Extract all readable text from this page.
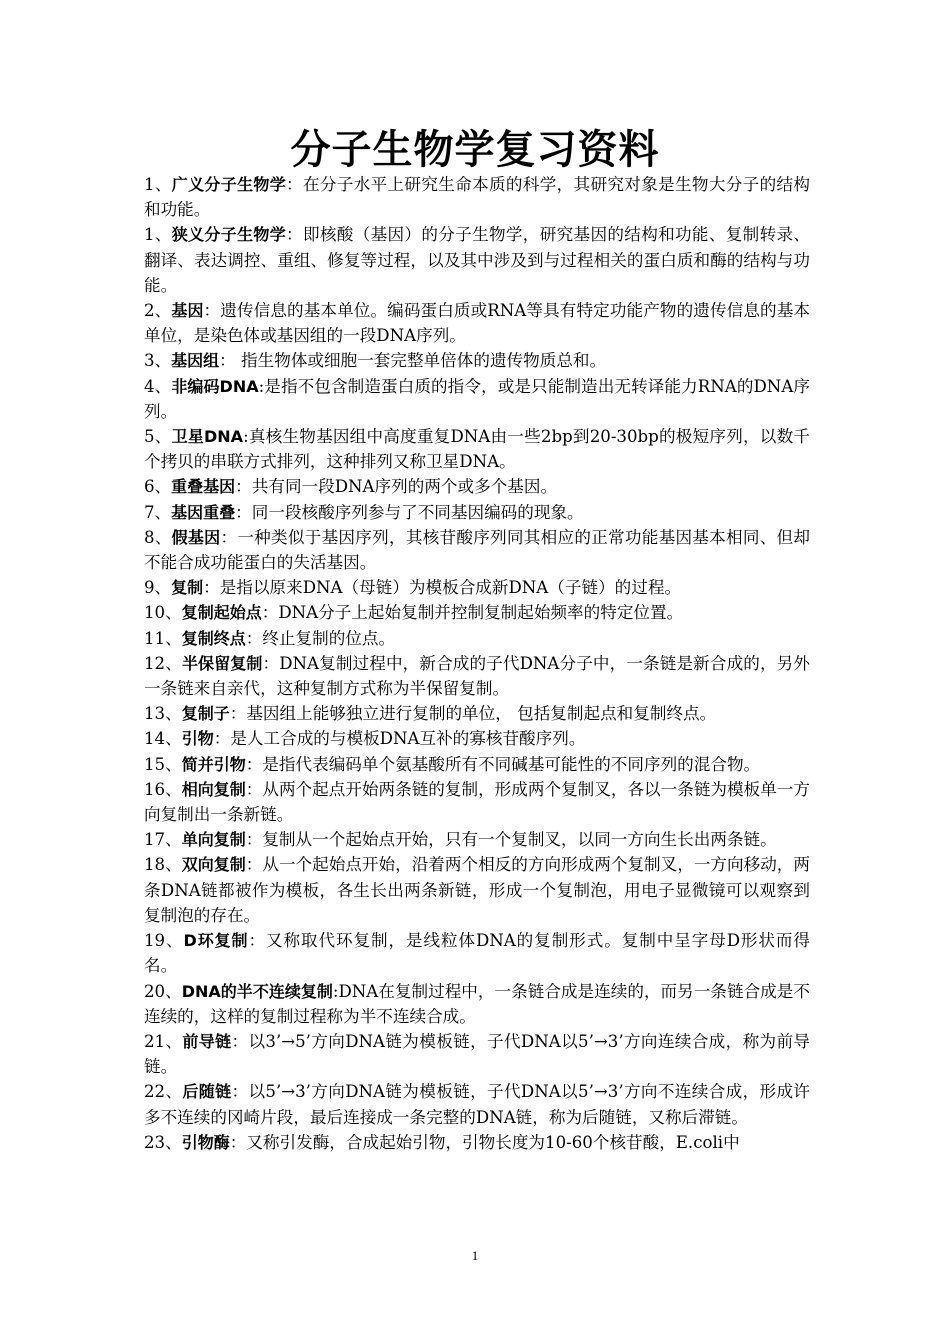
分子生物学复习资料

1、广义分子生物学：在分子水平上研究生命本质的科学，其研究对象是生物大分子的结构和功能。

1、狭义分子生物学：即核酸（基因）的分子生物学，研究基因的结构和功能、复制转录、翻译、表达调控、重组、修复等过程，以及其中涉及到与过程相关的蛋白质和酶的结构与功能。

2、基因：遗传信息的基本单位。编码蛋白质或RNA等具有特定功能产物的遗传信息的基本单位，是染色体或基因组的一段DNA序列。

3、基因组： 指生物体或细胞一套完整单倍体的遗传物质总和。

4、非编码DNA:是指不包含制造蛋白质的指令，或是只能制造出无转译能力RNA的DNA序列。

5、卫星DNA:真核生物基因组中高度重复DNA由一些2bp到20-30bp的极短序列，以数千个拷贝的串联方式排列，这种排列又称卫星DNA。

6、重叠基因：共有同一段DNA序列的两个或多个基因。

7、基因重叠：同一段核酸序列参与了不同基因编码的现象。

8、假基因：一种类似于基因序列，其核苷酸序列同其相应的正常功能基因基本相同、但却不能合成功能蛋白的失活基因。

9、复制：是指以原来DNA（母链）为模板合成新DNA（子链）的过程。

10、复制起始点：DNA分子上起始复制并控制复制起始频率的特定位置。

11、复制终点：终止复制的位点。

12、半保留复制：DNA复制过程中，新合成的子代DNA分子中，一条链是新合成的，另外一条链来自亲代，这种复制方式称为半保留复制。

13、复制子：基因组上能够独立进行复制的单位， 包括复制起点和复制终点。

14、引物：是人工合成的与模板DNA互补的寡核苷酸序列。

15、简并引物：是指代表编码单个氨基酸所有不同碱基可能性的不同序列的混合物。

16、相向复制：从两个起点开始两条链的复制，形成两个复制叉，各以一条链为模板单一方向复制出一条新链。

17、单向复制：复制从一个起始点开始，只有一个复制叉，以同一方向生长出两条链。

18、双向复制：从一个起始点开始，沿着两个相反的方向形成两个复制叉，一方向移动，两条DNA链都被作为模板，各生长出两条新链，形成一个复制泡，用电子显微镜可以观察到复制泡的存在。

19、D环复制：又称取代环复制，是线粒体DNA的复制形式。复制中呈字母D形状而得名。

20、DNA的半不连续复制:DNA在复制过程中，一条链合成是连续的，而另一条链合成是不连续的，这样的复制过程称为半不连续合成。

21、前导链：以3’→5’方向DNA链为模板链，子代DNA以5’→3’方向连续合成，称为前导链。

22、后随链：以5’→3’方向DNA链为模板链，子代DNA以5’→3’方向不连续合成，形成许多不连续的冈崎片段，最后连接成一条完整的DNA链，称为后随链，又称后滞链。

23、引物酶：又称引发酶，合成起始引物，引物长度为10-60个核苷酸，E.coli中

1
